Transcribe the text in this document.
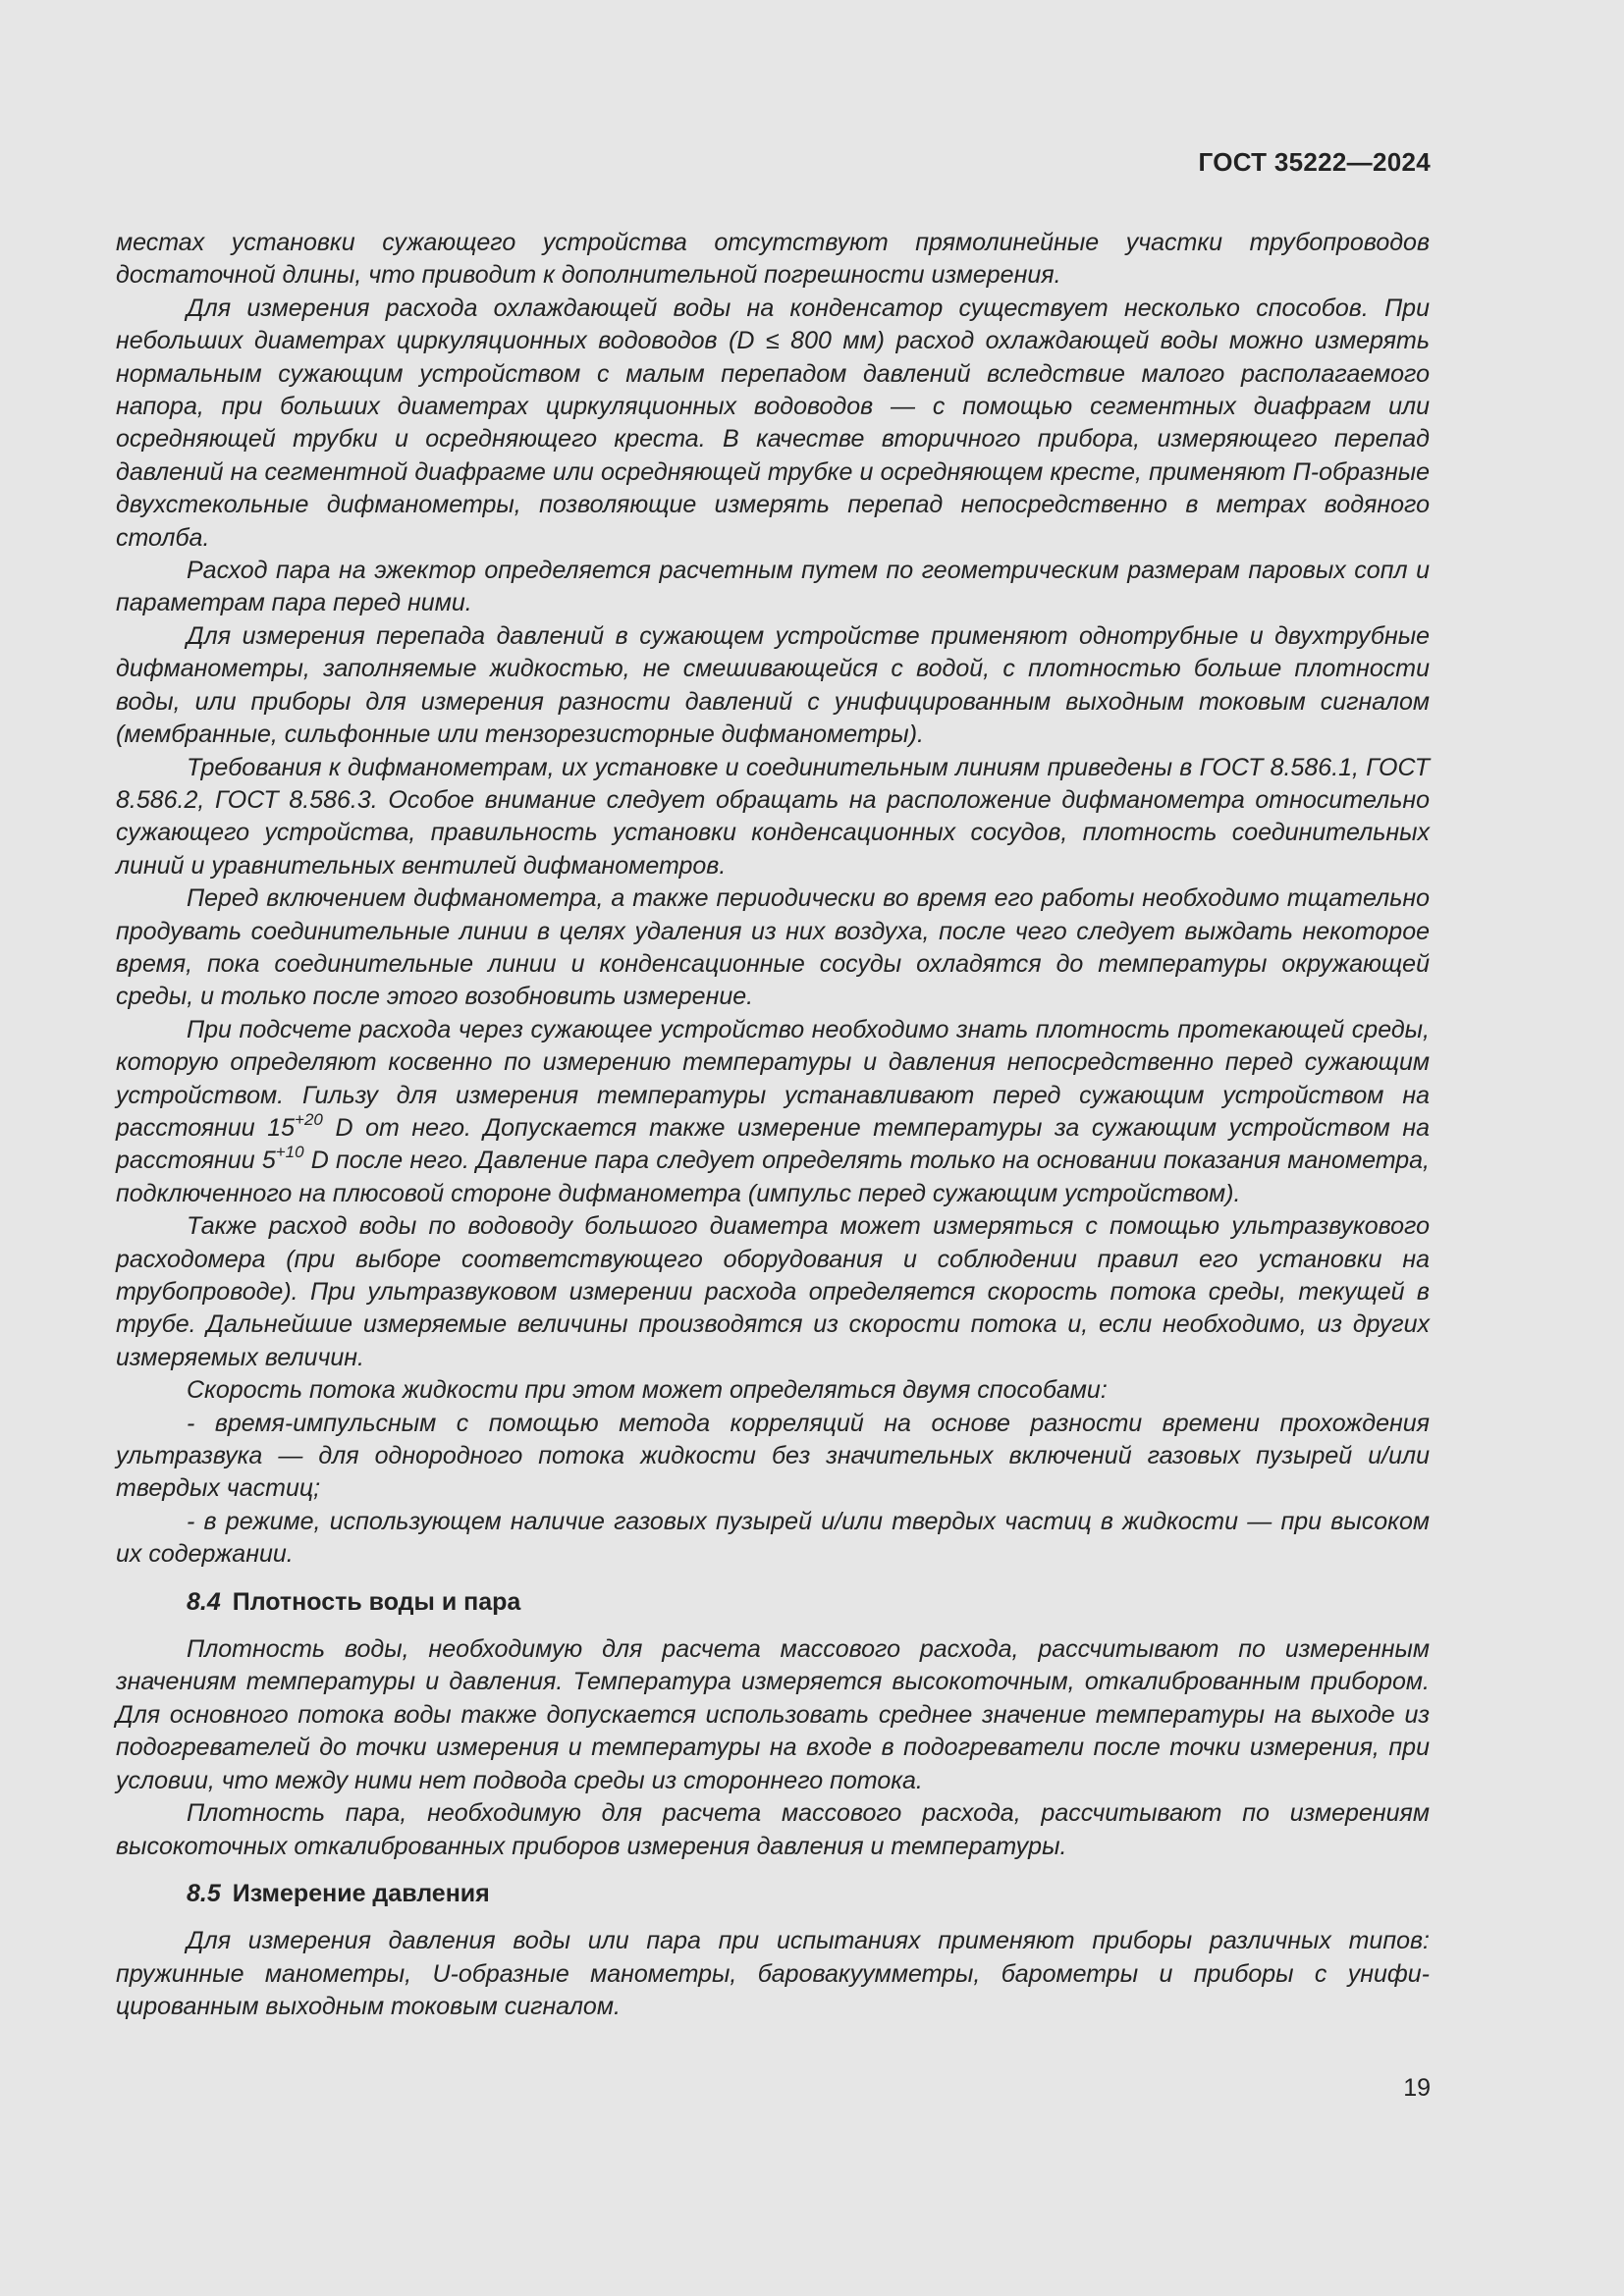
ГОСТ 35222—2024

местах установки сужающего устройства отсутствуют прямолинейные участки трубопроводов достаточной длины, что приводит к дополнительной погрешности измерения.

Для измерения расхода охлаждающей воды на конденсатор существует несколько способов. При небольших диаметрах циркуляционных водоводов (D ≤ 800 мм) расход охлаждающей воды можно измерять нормальным сужающим устройством с малым перепадом давлений вследствие малого располагаемого напора, при больших диаметрах циркуляционных водоводов — с помощью сегментных диафрагм или осредняющей трубки и осредняющего креста. В качестве вторичного прибора, измеряющего перепад давлений на сегментной диафрагме или осредняющей трубке и осредняющем кресте, применяют П-образные двухстекольные дифманометры, позволяющие измерять перепад непосредственно в метрах водяного столба.

Расход пара на эжектор определяется расчетным путем по геометрическим размерам паровых сопл и параметрам пара перед ними.

Для измерения перепада давлений в сужающем устройстве применяют однотрубные и двухтрубные дифманометры, заполняемые жидкостью, не смешивающейся с водой, с плотностью больше плотности воды, или приборы для измерения разности давлений с унифицированным выходным токовым сигналом (мембранные, сильфонные или тензорезисторные дифманометры).

Требования к дифманометрам, их установке и соединительным линиям приведены в ГОСТ 8.586.1, ГОСТ 8.586.2, ГОСТ 8.586.3. Особое внимание следует обращать на расположение дифманометра относительно сужающего устройства, правильность установки конденсационных сосудов, плотность соединительных линий и уравнительных вентилей дифманометров.

Перед включением дифманометра, а также периодически во время его работы необходимо тщательно продувать соединительные линии в целях удаления из них воздуха, после чего следует выждать некоторое время, пока соединительные линии и конденсационные сосуды охладятся до температуры окружающей среды, и только после этого возобновить измерение.

При подсчете расхода через сужающее устройство необходимо знать плотность протекающей среды, которую определяют косвенно по измерению температуры и давления непосредственно перед сужающим устройством. Гильзу для измерения температуры устанавливают перед сужающим устройством на расстоянии $15^{+20}$ D от него. Допускается также измерение температуры за сужающим устройством на расстоянии $5^{+10}$ D после него. Давление пара следует определять только на основании показания манометра, подключенного на плюсовой стороне дифманометра (импульс перед сужающим устройством).

Также расход воды по водоводу большого диаметра может измеряться с помощью ультразвукового расходомера (при выборе соответствующего оборудования и соблюдении правил его установки на трубопроводе). При ультразвуковом измерении расхода определяется скорость потока среды, текущей в трубе. Дальнейшие измеряемые величины производятся из скорости потока и, если необходимо, из других измеряемых величин.

Скорость потока жидкости при этом может определяться двумя способами:

- время-импульсным с помощью метода корреляций на основе разности времени прохождения ультразвука — для однородного потока жидкости без значительных включений газовых пузырей и/или твердых частиц;

- в режиме, использующем наличие газовых пузырей и/или твердых частиц в жидкости — при высоком их содержании.

8.4 Плотность воды и пара

Плотность воды, необходимую для расчета массового расхода, рассчитывают по измеренным значениям температуры и давления. Температура измеряется высокоточным, откалиброванным прибором. Для основного потока воды также допускается использовать среднее значение температуры на выходе из подогревателей до точки измерения и температуры на входе в подогреватели после точки измерения, при условии, что между ними нет подвода среды из стороннего потока.

Плотность пара, необходимую для расчета массового расхода, рассчитывают по измерениям высокоточных откалиброванных приборов измерения давления и температуры.

8.5 Измерение давления

Для измерения давления воды или пара при испытаниях применяют приборы различных типов: пружинные манометры, U-образные манометры, баровакуумметры, барометры и приборы с унифицированным выходным токовым сигналом.

19
